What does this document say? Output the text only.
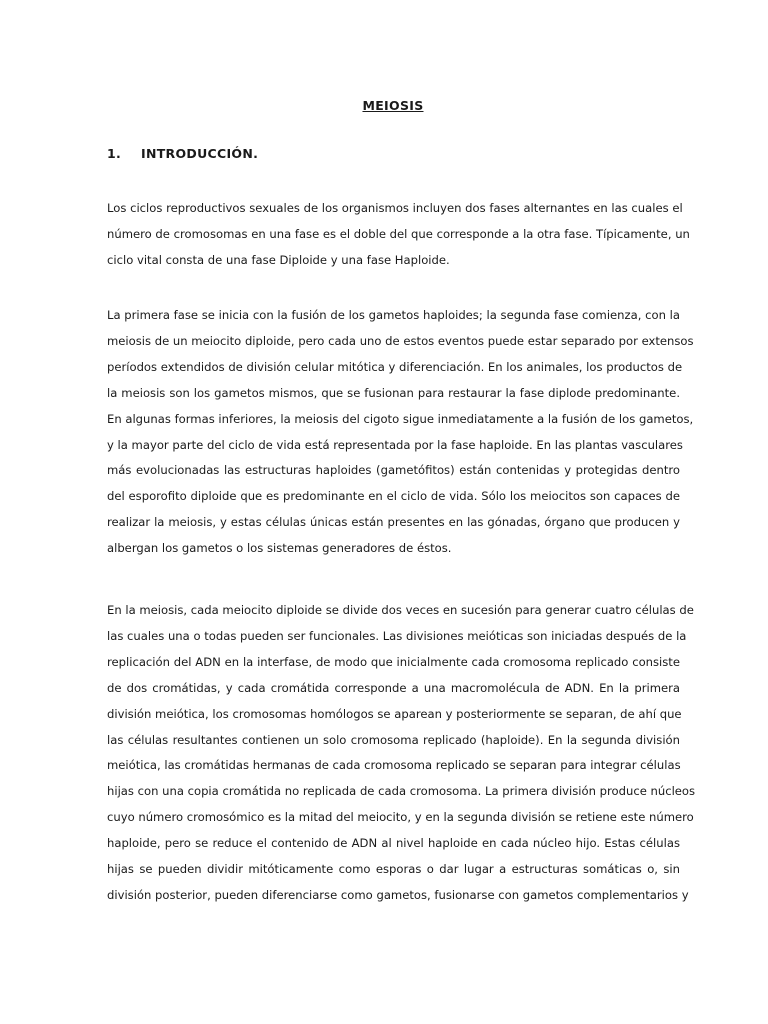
MEIOSIS
1. INTRODUCCIÓN.

Los ciclos reproductivos sexuales de los organismos incluyen dos fases alternantes en las cuales el
número de cromosomas en una fase es el doble del que corresponde a la otra fase. Típicamente, un
ciclo vital consta de una fase Diploide y una fase Haploide.

La primera fase se inicia con la fusión de los gametos haploides; la segunda fase comienza, con la
meiosis de un meiocito diploide, pero cada uno de estos eventos puede estar separado por extensos
períodos extendidos de división celular mitótica y diferenciación. En los animales, los productos de
la meiosis son los gametos mismos, que se fusionan para restaurar la fase diplode predominante.
En algunas formas inferiores, la meiosis del cigoto sigue inmediatamente a la fusión de los gametos,
y la mayor parte del ciclo de vida está representada por la fase haploide. En las plantas vasculares
más evolucionadas las estructuras haploides (gametófitos) están contenidas y protegidas dentro
del esporofito diploide que es predominante en el ciclo de vida. Sólo los meiocitos son capaces de
realizar la meiosis, y estas células únicas están presentes en las gónadas, órgano que producen y
albergan los gametos o los sistemas generadores de éstos.

En la meiosis, cada meiocito diploide se divide dos veces en sucesión para generar cuatro células de
las cuales una o todas pueden ser funcionales. Las divisiones meióticas son iniciadas después de la
replicación del ADN en la interfase, de modo que inicialmente cada cromosoma replicado consiste
de dos cromátidas, y cada cromátida corresponde a una macromolécula de ADN. En la primera
división meiótica, los cromosomas homólogos se aparean y posteriormente se separan, de ahí que
las células resultantes contienen un solo cromosoma replicado (haploide). En la segunda división
meiótica, las cromátidas hermanas de cada cromosoma replicado se separan para integrar células
hijas con una copia cromátida no replicada de cada cromosoma. La primera división produce núcleos
cuyo número cromosómico es la mitad del meiocito, y en la segunda división se retiene este número
haploide, pero se reduce el contenido de ADN al nivel haploide en cada núcleo hijo. Estas células
hijas se pueden dividir mitóticamente como esporas o dar lugar a estructuras somáticas o, sin
división posterior, pueden diferenciarse como gametos, fusionarse con gametos complementarios y
